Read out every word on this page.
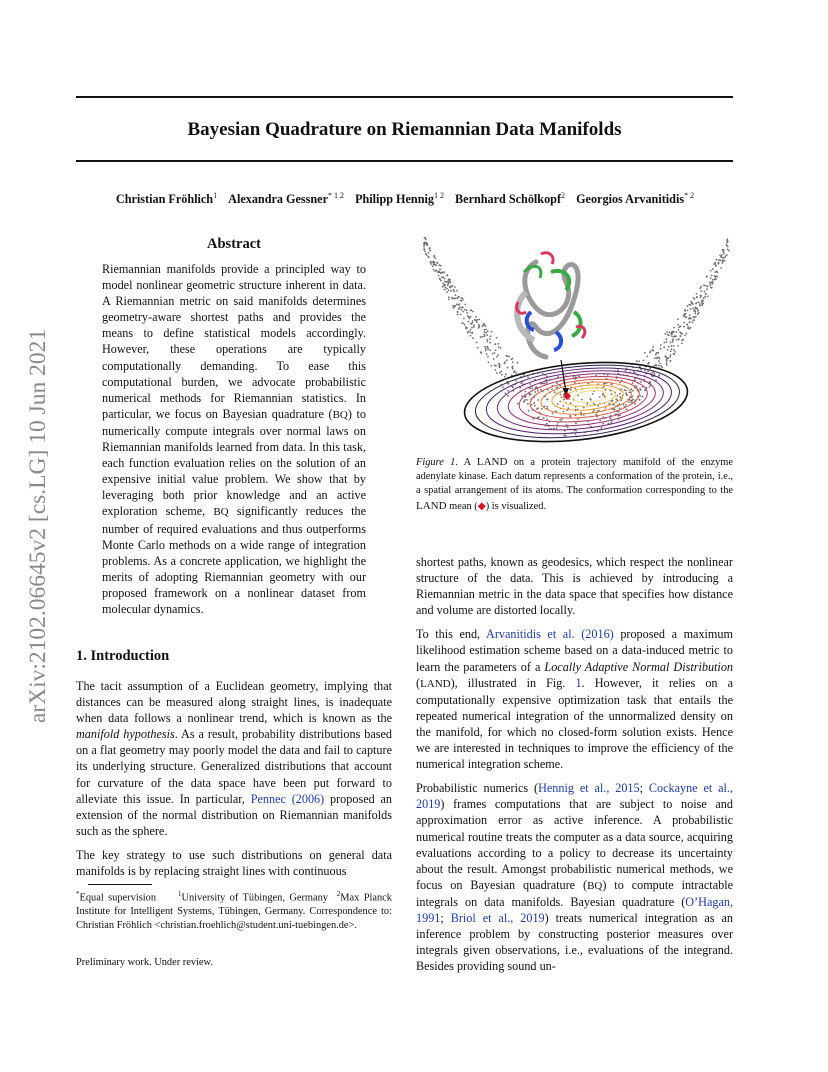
Bayesian Quadrature on Riemannian Data Manifolds
Christian Fröhlich$^1$ Alexandra Gessner$^{* 1 2}$ Philipp Hennig$^{1 2}$ Bernhard Schölkopf$^2$ Georgios Arvanitidis$^{* 2}$
arXiv:2102.06645v2 [cs.LG] 10 Jun 2021
Abstract

Riemannian manifolds provide a principled way to model nonlinear geometric structure inherent in data. A Riemannian metric on said manifolds determines geometry-aware shortest paths and provides the means to define statistical models accordingly. However, these operations are typically computationally demanding. To ease this computational burden, we advocate probabilistic numerical methods for Riemannian statistics. In particular, we focus on Bayesian quadrature (BQ) to numerically compute integrals over normal laws on Riemannian manifolds learned from data. In this task, each function evaluation relies on the solution of an expensive initial value problem. We show that by leveraging both prior knowledge and an active exploration scheme, BQ significantly reduces the number of required evaluations and thus outperforms Monte Carlo methods on a wide range of integration problems. As a concrete application, we highlight the merits of adopting Riemannian geometry with our proposed framework on a nonlinear dataset from molecular dynamics.

1. Introduction

The tacit assumption of a Euclidean geometry, implying that distances can be measured along straight lines, is inadequate when data follows a nonlinear trend, which is known as the manifold hypothesis. As a result, probability distributions based on a flat geometry may poorly model the data and fail to capture its underlying structure. Generalized distributions that account for curvature of the data space have been put forward to alleviate this issue. In particular, Pennec (2006) proposed an extension of the normal distribution on Riemannian manifolds such as the sphere.

The key strategy to use such distributions on general data manifolds is by replacing straight lines with continuous

*Equal supervision	$^1$University of Tübingen, Germany $^2$Max Planck Institute for Intelligent Systems, Tübingen, Germany. Correspondence to: Christian Fröhlich <christian.froehlich@student.uni-tuebingen.de>.

Preliminary work. Under review.

Figure 1. A LAND on a protein trajectory manifold of the enzyme adenylate kinase. Each datum represents a conformation of the protein, i.e., a spatial arrangement of its atoms. The conformation corresponding to the LAND mean (◆) is visualized.

shortest paths, known as geodesics, which respect the nonlinear structure of the data. This is achieved by introducing a Riemannian metric in the data space that specifies how distance and volume are distorted locally.

To this end, Arvanitidis et al. (2016) proposed a maximum likelihood estimation scheme based on a data-induced metric to learn the parameters of a Locally Adaptive Normal Distribution (LAND), illustrated in Fig. 1. However, it relies on a computationally expensive optimization task that entails the repeated numerical integration of the unnormalized density on the manifold, for which no closed-form solution exists. Hence we are interested in techniques to improve the efficiency of the numerical integration scheme.

Probabilistic numerics (Hennig et al., 2015; Cockayne et al., 2019) frames computations that are subject to noise and approximation error as active inference. A probabilistic numerical routine treats the computer as a data source, acquiring evaluations according to a policy to decrease its uncertainty about the result. Amongst probabilistic numerical methods, we focus on Bayesian quadrature (BQ) to compute intractable integrals on data manifolds. Bayesian quadrature (O’Hagan, 1991; Briol et al., 2019) treats numerical integration as an inference problem by constructing posterior measures over integrals given observations, i.e., evaluations of the integrand. Besides providing sound un-
